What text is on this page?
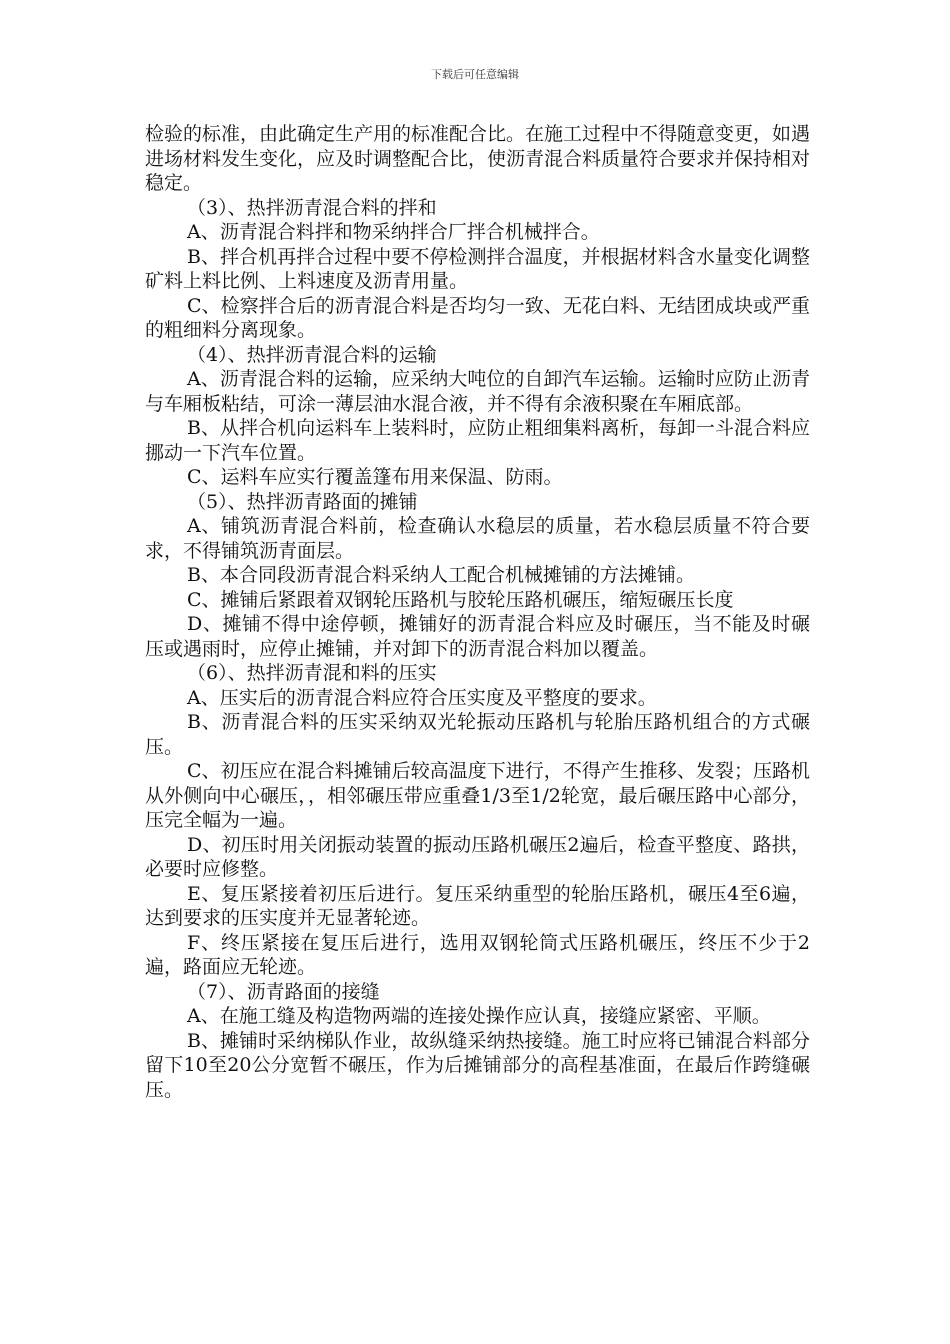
下载后可任意编辑

检验的标准，由此确定生产用的标准配合比。在施工过程中不得随意变更，如遇进场材料发生变化，应及时调整配合比，使沥青混合料质量符合要求并保持相对稳定。

（3）、热拌沥青混合料的拌和

A、沥青混合料拌和物采纳拌合厂拌合机械拌合。

B、拌合机再拌合过程中要不停检测拌合温度，并根据材料含水量变化调整矿料上料比例、上料速度及沥青用量。

C、检察拌合后的沥青混合料是否均匀一致、无花白料、无结团成块或严重的粗细料分离现象。

（4）、热拌沥青混合料的运输

A、沥青混合料的运输，应采纳大吨位的自卸汽车运输。运输时应防止沥青与车厢板粘结，可涂一薄层油水混合液，并不得有余液积聚在车厢底部。

B、从拌合机向运料车上装料时，应防止粗细集料离析，每卸一斗混合料应挪动一下汽车位置。

C、运料车应实行覆盖篷布用来保温、防雨。

（5）、热拌沥青路面的摊铺

A、铺筑沥青混合料前，检查确认水稳层的质量，若水稳层质量不符合要求，不得铺筑沥青面层。

B、本合同段沥青混合料采纳人工配合机械摊铺的方法摊铺。

C、摊铺后紧跟着双钢轮压路机与胶轮压路机碾压，缩短碾压长度

D、摊铺不得中途停顿，摊铺好的沥青混合料应及时碾压，当不能及时碾压或遇雨时，应停止摊铺，并对卸下的沥青混合料加以覆盖。

（6）、热拌沥青混和料的压实

A、压实后的沥青混合料应符合压实度及平整度的要求。

B、沥青混合料的压实采纳双光轮振动压路机与轮胎压路机组合的方式碾压。

C、初压应在混合料摊铺后较高温度下进行，不得产生推移、发裂；压路机从外侧向中心碾压，，相邻碾压带应重叠1/3至1/2轮宽，最后碾压路中心部分，压完全幅为一遍。

D、初压时用关闭振动装置的振动压路机碾压2遍后，检查平整度、路拱，必要时应修整。

E、复压紧接着初压后进行。复压采纳重型的轮胎压路机，碾压4至6遍，达到要求的压实度并无显著轮迹。

F、终压紧接在复压后进行，选用双钢轮筒式压路机碾压，终压不少于2遍，路面应无轮迹。

（7）、沥青路面的接缝

A、在施工缝及构造物两端的连接处操作应认真，接缝应紧密、平顺。

B、摊铺时采纳梯队作业，故纵缝采纳热接缝。施工时应将已铺混合料部分留下10至20公分宽暂不碾压，作为后摊铺部分的高程基准面，在最后作跨缝碾压。
